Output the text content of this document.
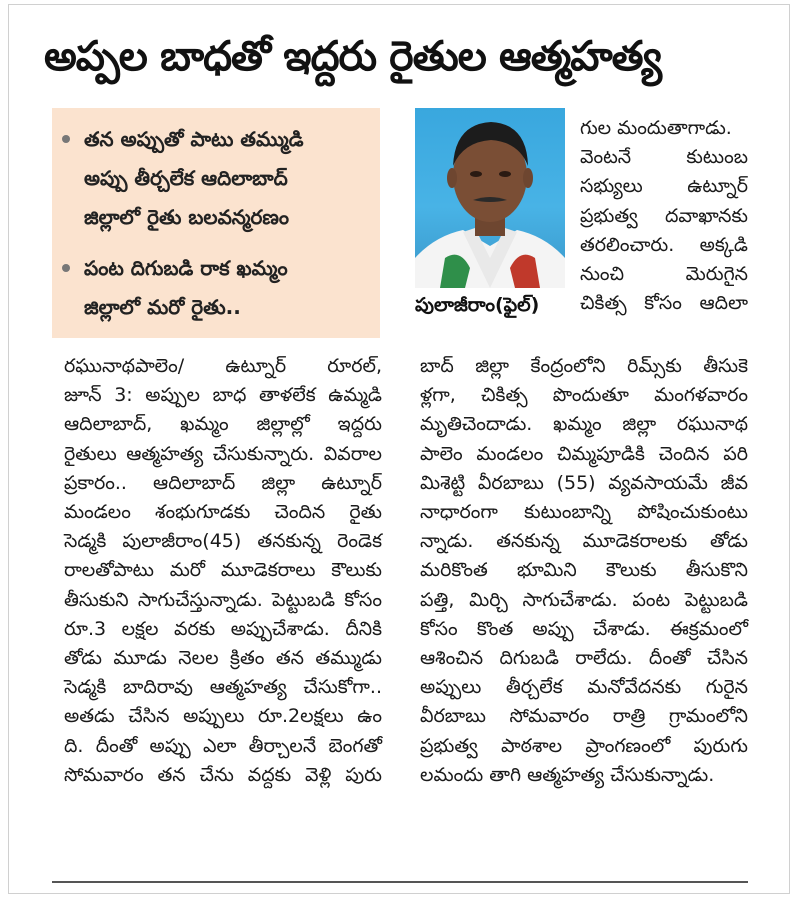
అప్పల బాధతో ఇద్దరు రైతుల ఆత్మహత్య
తన అప్పుతో పాటు తమ్ముడి
అప్పు తీర్చలేక ఆదిలాబాద్
జిల్లాలో రైతు బలవన్మరణం
పంట దిగుబడి రాక ఖమ్మం
జిల్లాలో మరో రైతు..	పులాజీరాం(ఫైల్)
గుల మందుతాగాడు.
వెంటనే కుటుంబ
సభ్యులు ఉట్నూర్
ప్రభుత్వ దవాఖానకు
తరలించారు. అక్కడి
నుంచి మెరుగైన
చికిత్స కోసం ఆదిలా
రఘునాథపాలెం/ ఉట్నూర్ రూరల్,
జూన్ 3: అప్పుల బాధ తాళలేక ఉమ్మడి
ఆదిలాబాద్, ఖమ్మం జిల్లాల్లో ఇద్దరు
రైతులు ఆత్మహత్య చేసుకున్నారు. వివరాల
ప్రకారం.. ఆదిలాబాద్ జిల్లా ఉట్నూర్
మండలం శంభుగూడకు చెందిన రైతు
సెడ్మకి పులాజీరాం(45) తనకున్న రెండెక
రాలతోపాటు మరో మూడెకరాలు కౌలుకు
తీసుకుని సాగుచేస్తున్నాడు. పెట్టుబడి కోసం
రూ.3 లక్షల వరకు అప్పుచేశాడు. దీనికి
తోడు మూడు నెలల క్రితం తన తమ్ముడు
సెడ్మకి బాదిరావు ఆత్మహత్య చేసుకోగా..
అతడు చేసిన అప్పులు రూ.2లక్షలు ఉం
ది. దీంతో అప్పు ఎలా తీర్చాలనే బెంగతో
సోమవారం తన చేను వద్దకు వెళ్లి పురు
బాద్ జిల్లా కేంద్రంలోని రిమ్స్‌కు తీసుకె
ళ్లగా, చికిత్స పొందుతూ మంగళవారం
మృతిచెందాడు. ఖమ్మం జిల్లా రఘునాథ
పాలెం మండలం చిమ్మపూడికి చెందిన పరి
మిశెట్టి వీరబాబు (55) వ్యవసాయమే జీవ
నాధారంగా కుటుంబాన్ని పోషించుకుంటు
న్నాడు. తనకున్న మూడెకరాలకు తోడు
మరికొంత భూమిని కౌలుకు తీసుకొని
పత్తి, మిర్చి సాగుచేశాడు. పంట పెట్టుబడి
కోసం కొంత అప్పు చేశాడు. ఈక్రమంలో
ఆశించిన దిగుబడి రాలేదు. దీంతో చేసిన
అప్పులు తీర్చలేక మనోవేదనకు గురైన
వీరబాబు సోమవారం రాత్రి గ్రామంలోని
ప్రభుత్వ పాఠశాల ప్రాంగణంలో పురుగు
లమందు తాగి ఆత్మహత్య చేసుకున్నాడు.
